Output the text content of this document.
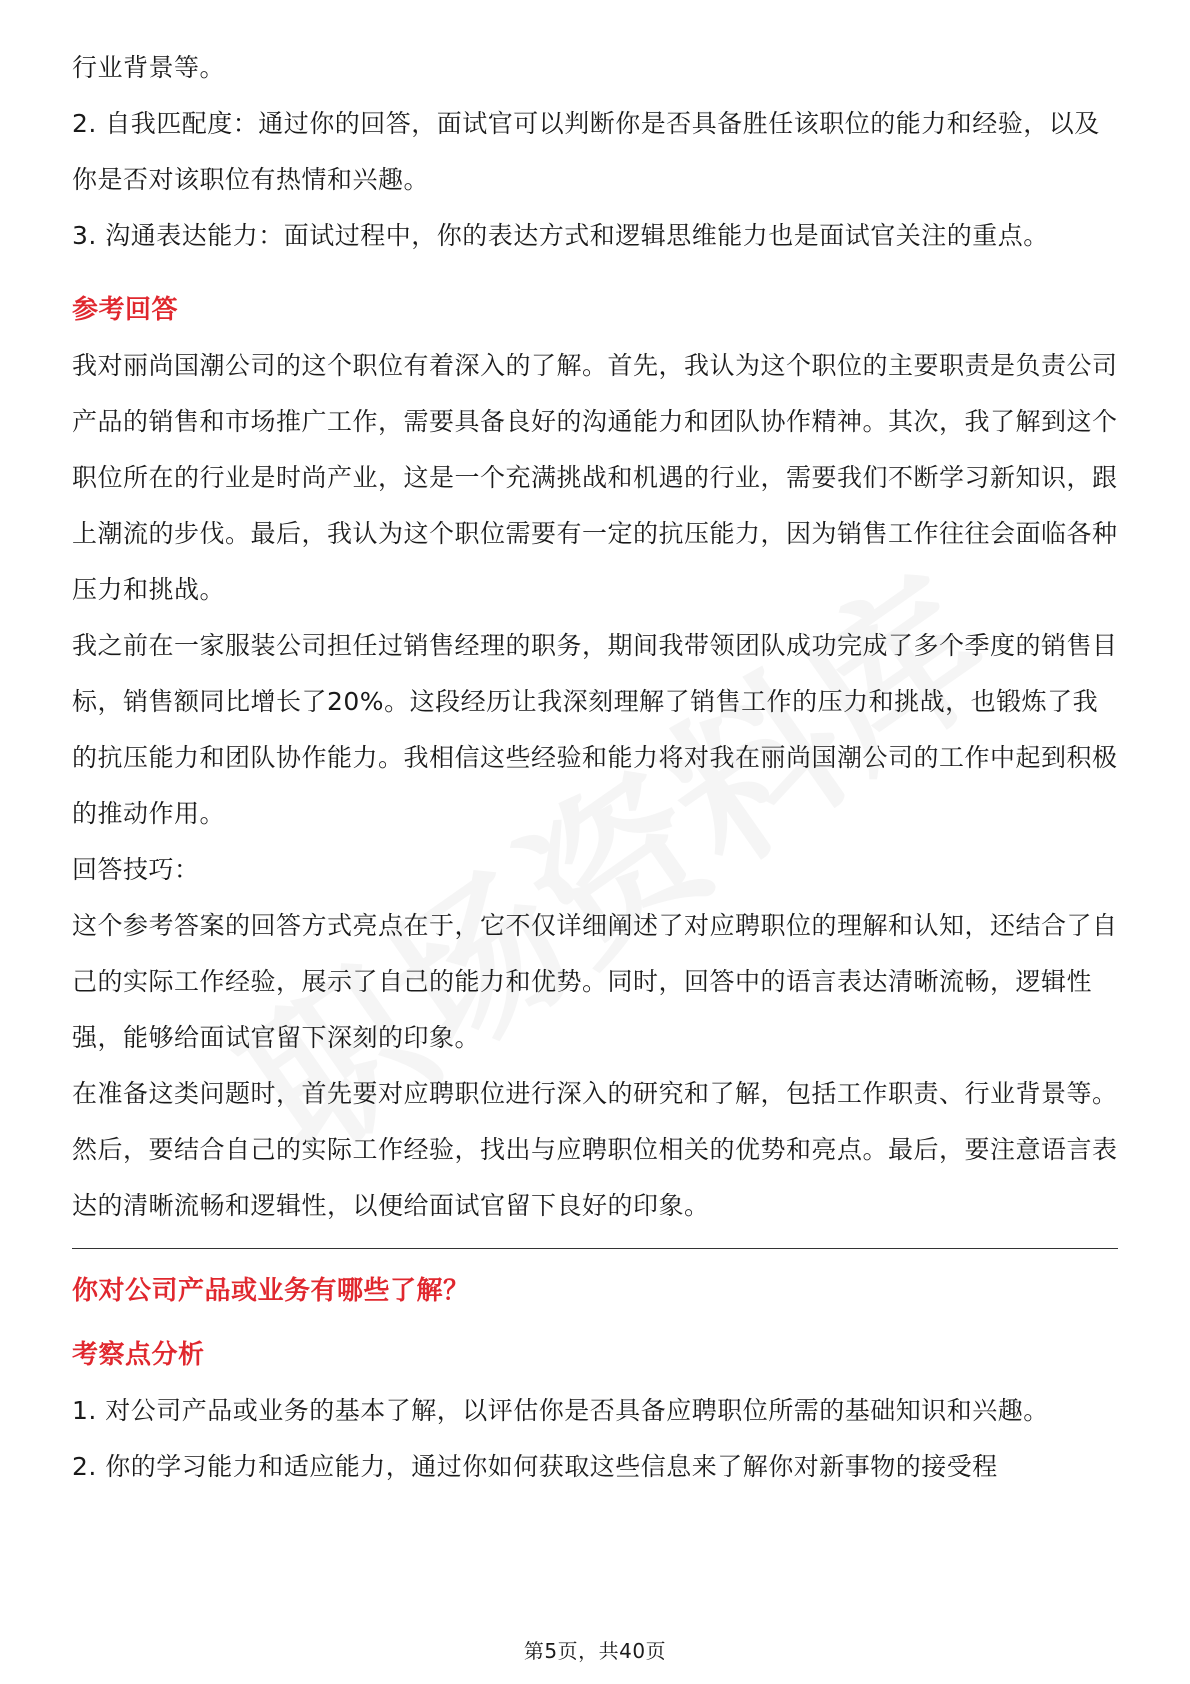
行业背景等。

2. 自我匹配度：通过你的回答，面试官可以判断你是否具备胜任该职位的能力和经验，以及你是否对该职位有热情和兴趣。

3. 沟通表达能力：面试过程中，你的表达方式和逻辑思维能力也是面试官关注的重点。

参考回答

我对丽尚国潮公司的这个职位有着深入的了解。首先，我认为这个职位的主要职责是负责公司产品的销售和市场推广工作，需要具备良好的沟通能力和团队协作精神。其次，我了解到这个职位所在的行业是时尚产业，这是一个充满挑战和机遇的行业，需要我们不断学习新知识，跟上潮流的步伐。最后，我认为这个职位需要有一定的抗压能力，因为销售工作往往会面临各种压力和挑战。

我之前在一家服装公司担任过销售经理的职务，期间我带领团队成功完成了多个季度的销售目标，销售额同比增长了20%。这段经历让我深刻理解了销售工作的压力和挑战，也锻炼了我的抗压能力和团队协作能力。我相信这些经验和能力将对我在丽尚国潮公司的工作中起到积极的推动作用。

回答技巧：

这个参考答案的回答方式亮点在于，它不仅详细阐述了对应聘职位的理解和认知，还结合了自己的实际工作经验，展示了自己的能力和优势。同时，回答中的语言表达清晰流畅，逻辑性强，能够给面试官留下深刻的印象。

在准备这类问题时，首先要对应聘职位进行深入的研究和了解，包括工作职责、行业背景等。然后，要结合自己的实际工作经验，找出与应聘职位相关的优势和亮点。最后，要注意语言表达的清晰流畅和逻辑性，以便给面试官留下良好的印象。

你对公司产品或业务有哪些了解？

考察点分析

1. 对公司产品或业务的基本了解，以评估你是否具备应聘职位所需的基础知识和兴趣。

2. 你的学习能力和适应能力，通过你如何获取这些信息来了解你对新事物的接受程

第5页，共40页
